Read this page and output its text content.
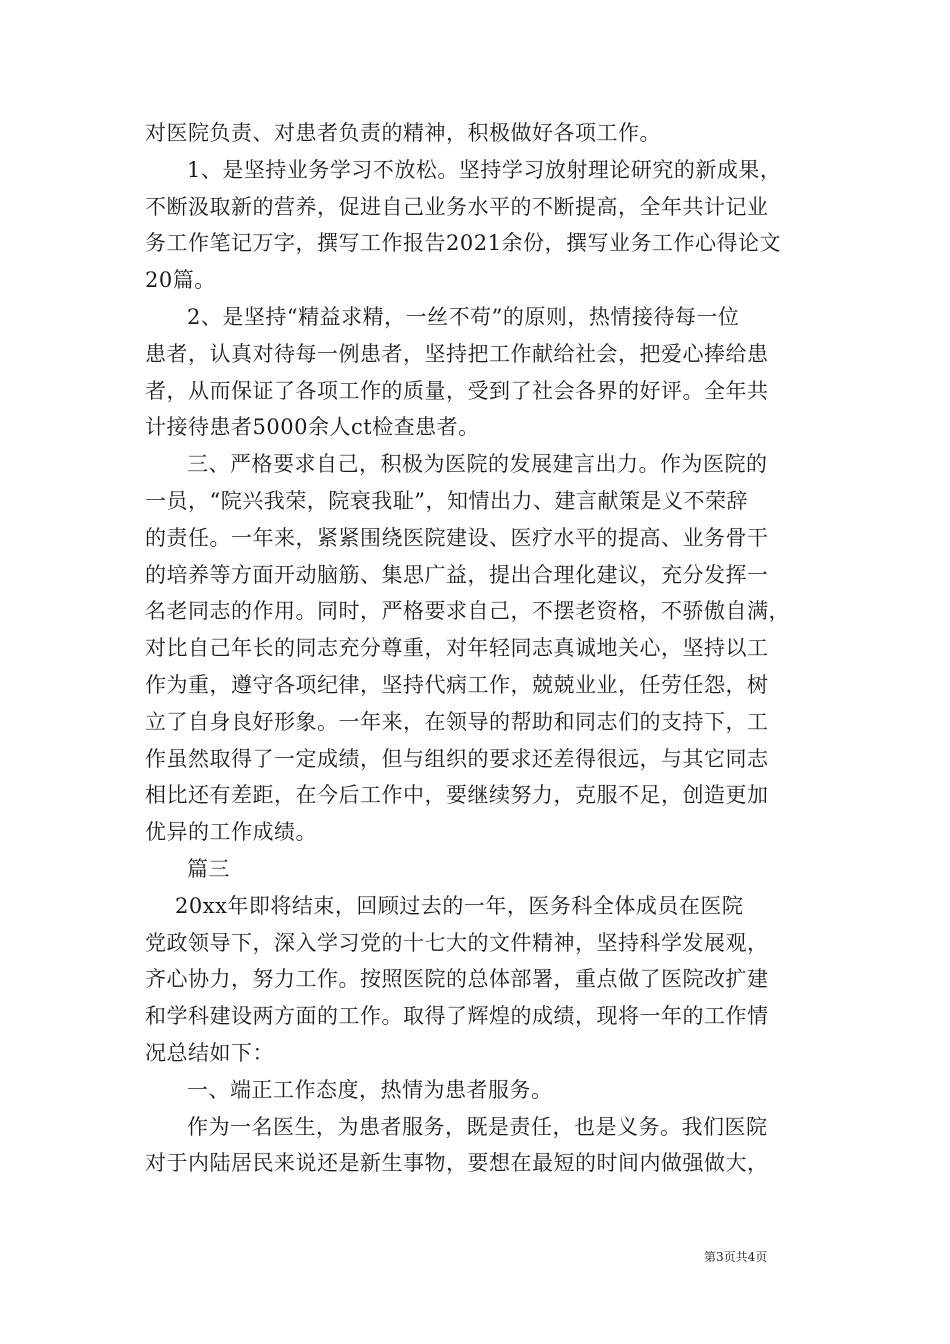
对医院负责、对患者负责的精神，积极做好各项工作。
1、是坚持业务学习不放松。坚持学习放射理论研究的新成果，
不断汲取新的营养，促进自己业务水平的不断提高，全年共计记业
务工作笔记万字，撰写工作报告2021余份，撰写业务工作心得论文
20篇。
2、是坚持“精益求精，一丝不苟”的原则，热情接待每一位
患者，认真对待每一例患者，坚持把工作献给社会，把爱心捧给患
者，从而保证了各项工作的质量，受到了社会各界的好评。全年共
计接待患者5000余人ct检查患者。
三、严格要求自己，积极为医院的发展建言出力。作为医院的
一员，“院兴我荣，院衰我耻”，知情出力、建言献策是义不荣辞
的责任。一年来，紧紧围绕医院建设、医疗水平的提高、业务骨干
的培养等方面开动脑筋、集思广益，提出合理化建议，充分发挥一
名老同志的作用。同时，严格要求自己，不摆老资格，不骄傲自满，
对比自己年长的同志充分尊重，对年轻同志真诚地关心，坚持以工
作为重，遵守各项纪律，坚持代病工作，兢兢业业，任劳任怨，树
立了自身良好形象。一年来，在领导的帮助和同志们的支持下，工
作虽然取得了一定成绩，但与组织的要求还差得很远，与其它同志
相比还有差距，在今后工作中，要继续努力，克服不足，创造更加
优异的工作成绩。
篇三
20xx年即将结束，回顾过去的一年，医务科全体成员在医院
党政领导下，深入学习党的十七大的文件精神，坚持科学发展观，
齐心协力，努力工作。按照医院的总体部署，重点做了医院改扩建
和学科建设两方面的工作。取得了辉煌的成绩，现将一年的工作情
况总结如下：
一、端正工作态度，热情为患者服务。
作为一名医生，为患者服务，既是责任，也是义务。我们医院
对于内陆居民来说还是新生事物，要想在最短的时间内做强做大，
第3页共4页
